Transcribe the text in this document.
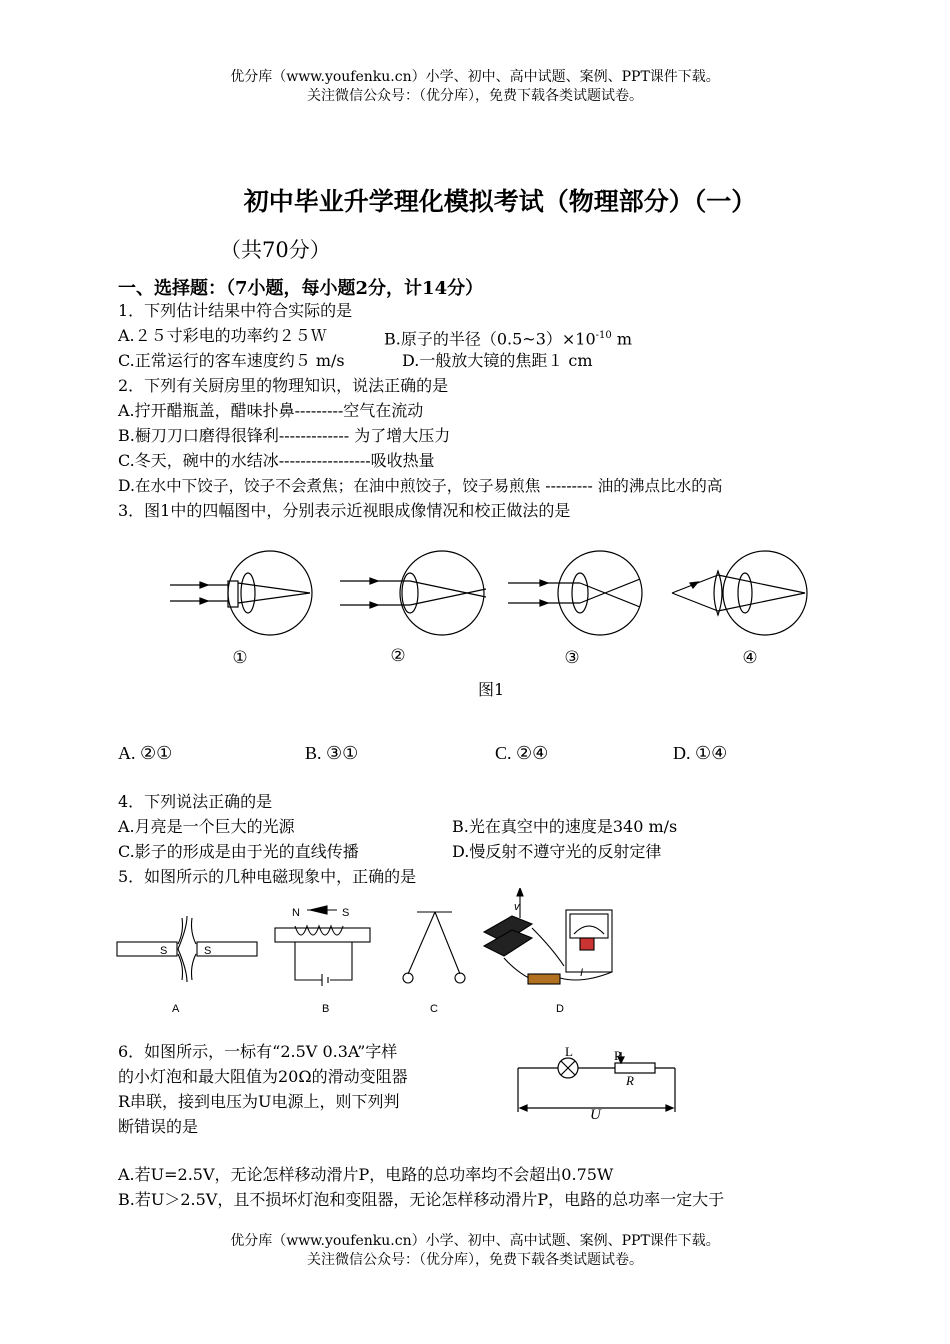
优分库（www.youfenku.cn）小学、初中、高中试题、案例、PPT课件下载。
关注微信公众号：（优分库），免费下载各类试题试卷。
初中毕业升学理化模拟考试（物理部分）（一）
（共70分）
一、选择题：（7小题，每小题2分，计14分）
1．下列估计结果中符合实际的是
A.２５寸彩电的功率约２５Ｗ	B.原子的半径$(0.5\sim 3)\times 10^{-10}$ m
C.正常运行的客车速度约５ m/s	D.一般放大镜的焦距１ cm
2．下列有关厨房里的物理知识，说法正确的是
A.拧开醋瓶盖，醋味扑鼻---------空气在流动
B.橱刀刀口磨得很锋利------------- 为了增大压力
C.冬天，碗中的水结冰-----------------吸收热量
D.在水中下饺子，饺子不会煮焦；在油中煎饺子，饺子易煎焦 --------- 油的沸点比水的高
3．图1中的四幅图中，分别表示近视眼成像情况和校正做法的是
①	②	③	④
图1
A. ②①	B. ③①	C. ②④	D. ①④
4．下列说法正确的是
A.月亮是一个巨大的光源	B.光在真空中的速度是340 m/s
C.影子的形成是由于光的直线传播	D.慢反射不遵守光的反射定律
5．如图所示的几种电磁现象中，正确的是
S	S
N	S	v
I
A	B	C	D
6．如图所示，一标有“2.5V 0.3A”字样
的小灯泡和最大阻值为20Ω的滑动变阻器
R串联，接到电压为U电源上，则下列判
断错误的是
L	P
R
U
A.若U=2.5V，无论怎样移动滑片P，电路的总功率均不会超出0.75W
B.若U＞2.5V，且不损坏灯泡和变阻器，无论怎样移动滑片P，电路的总功率一定大于
优分库（www.youfenku.cn）小学、初中、高中试题、案例、PPT课件下载。
关注微信公众号：（优分库），免费下载各类试题试卷。
